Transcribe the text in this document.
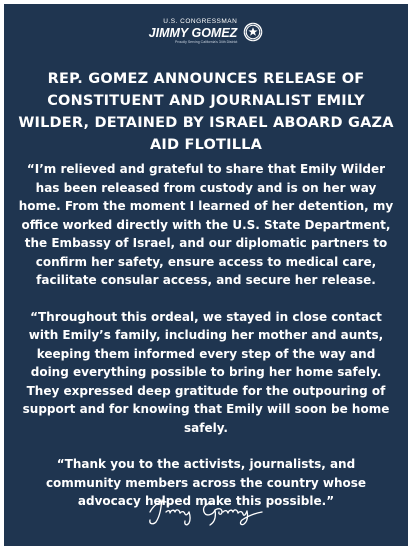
U.S. CONGRESSMAN
JIMMY GOMEZ
Proudly Serving California's 34th District
REP. GOMEZ ANNOUNCES RELEASE OF CONSTITUENT AND JOURNALIST EMILY WILDER, DETAINED BY ISRAEL ABOARD GAZA AID FLOTILLA

“I’m relieved and grateful to share that Emily Wilder has been released from custody and is on her way home. From the moment I learned of her detention, my office worked directly with the U.S. State Department, the Embassy of Israel, and our diplomatic partners to confirm her safety, ensure access to medical care, facilitate consular access, and secure her release.

“Throughout this ordeal, we stayed in close contact with Emily’s family, including her mother and aunts, keeping them informed every step of the way and doing everything possible to bring her home safely. They expressed deep gratitude for the outpouring of support and for knowing that Emily will soon be home safely.

“Thank you to the activists, journalists, and community members across the country whose advocacy helped make this possible.”
